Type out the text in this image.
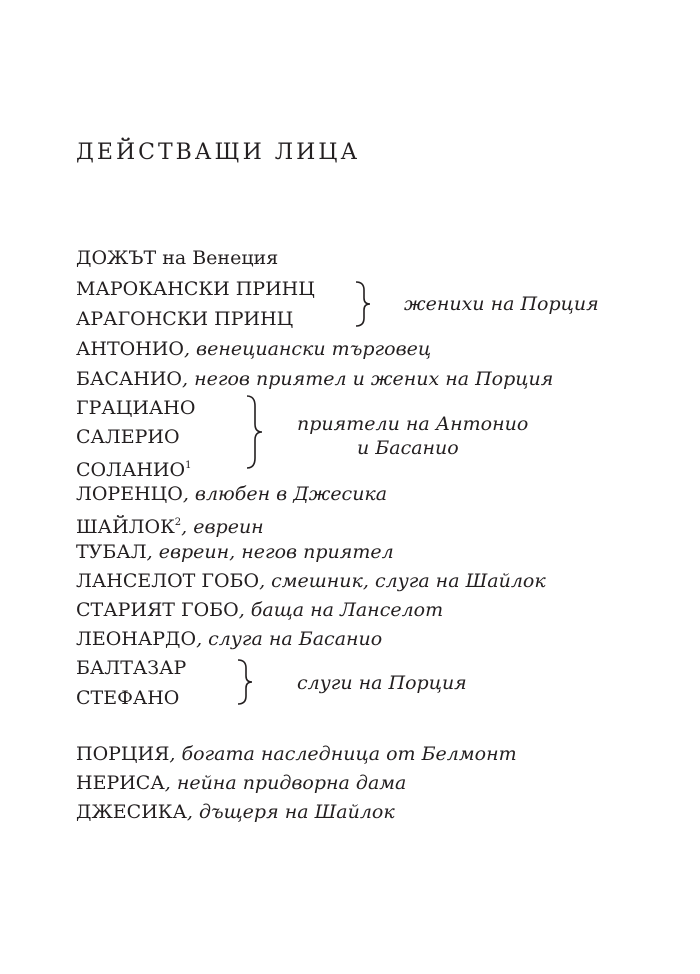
ДЕЙСТВАЩИ ЛИЦА
ДОЖЪТ на Венеция
МАРОКАНСКИ ПРИНЦ
АРАГОНСКИ ПРИНЦ
жениxи на Порция
АНТОНИО, венециански търговец
БАСАНИО, негов приятел и жених на Порция
ГРАЦИАНО
САЛЕРИО
СОЛАНИО$^1$
приятели на Антонио
и Басанио
ЛОРЕНЦО, влюбен в Джесика
ШАЙЛОК$^2$, евреин
ТУБАЛ, евреин, негов приятел
ЛАНСЕЛОТ ГОБО, смешник, слуга на Шайлок
СТАРИЯТ ГОБО, баща на Ланселот
ЛЕОНАРДО, слуга на Басанио
БАЛТАЗАР
СТЕФАНО
слуги на Порция
ПОРЦИЯ, богата наследница от Белмонт
НЕРИСА, нейна придворна дама
ДЖЕСИКА, дъщеря на Шайлок
